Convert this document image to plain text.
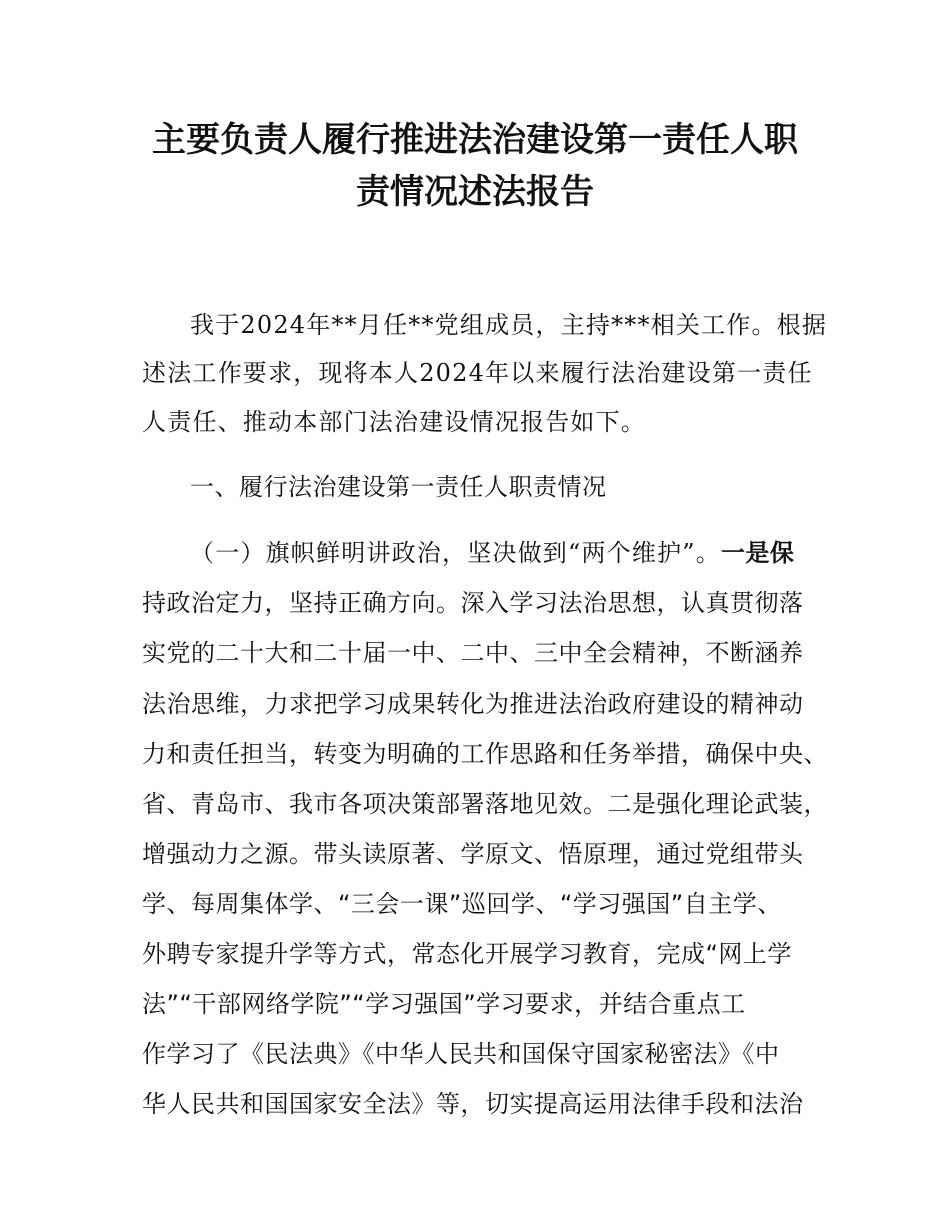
主要负责人履行推进法治建设第一责任人职
责情况述法报告
我于2024年**月任**党组成员，主持***相关工作。根据
述法工作要求，现将本人2024年以来履行法治建设第一责任
人责任、推动本部门法治建设情况报告如下。
一、履行法治建设第一责任人职责情况
（一）旗帜鲜明讲政治，坚决做到“两个维护”。一是保
持政治定力，坚持正确方向。深入学习法治思想，认真贯彻落
实党的二十大和二十届一中、二中、三中全会精神，不断涵养
法治思维，力求把学习成果转化为推进法治政府建设的精神动
力和责任担当，转变为明确的工作思路和任务举措，确保中央、
省、青岛市、我市各项决策部署落地见效。二是强化理论武装，
增强动力之源。带头读原著、学原文、悟原理，通过党组带头
学、每周集体学、“三会一课”巡回学、“学习强国”自主学、
外聘专家提升学等方式，常态化开展学习教育，完成“网上学
法”“干部网络学院”“学习强国”学习要求，并结合重点工
作学习了《民法典》《中华人民共和国保守国家秘密法》《中
华人民共和国国家安全法》等，切实提高运用法律手段和法治
